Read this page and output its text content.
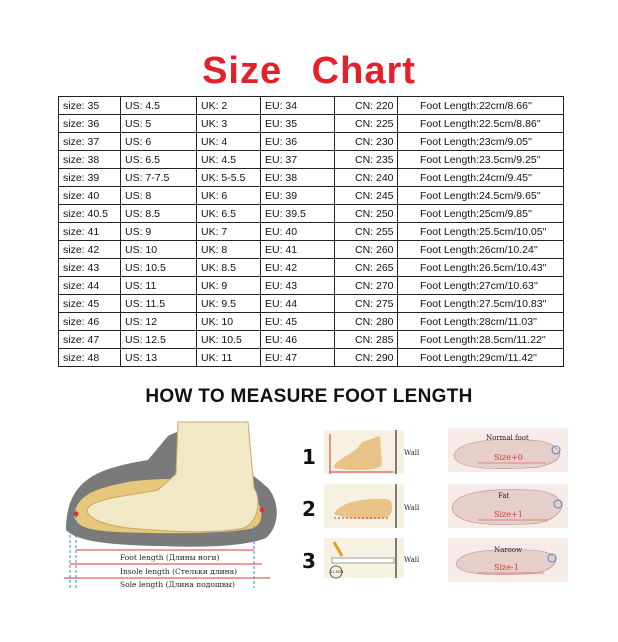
Size Chart
size: 35	US: 4.5	UK: 2	EU: 34	CN: 220	Foot Length:22cm/8.66''
size: 36	US: 5	UK: 3	EU: 35	CN: 225	Foot Length:22.5cm/8.86''
size: 37	US: 6	UK: 4	EU: 36	CN: 230	Foot Length:23cm/9.05''
size: 38	US: 6.5	UK: 4.5	EU: 37	CN: 235	Foot Length:23.5cm/9.25''
size: 39	US: 7-7.5	UK: 5-5.5	EU: 38	CN: 240	Foot Length:24cm/9.45''
size: 40	US: 8	UK: 6	EU: 39	CN: 245	Foot Length:24.5cm/9.65''
size: 40.5	US: 8.5	UK: 6.5	EU: 39.5	CN: 250	Foot Length:25cm/9.85''
size: 41	US: 9	UK: 7	EU: 40	CN: 255	Foot Length:25.5cm/10.05''
size: 42	US: 10	UK: 8	EU: 41	CN: 260	Foot Length:26cm/10.24''
size: 43	US: 10.5	UK: 8.5	EU: 42	CN: 265	Foot Length:26.5cm/10.43''
size: 44	US: 11	UK: 9	EU: 43	CN: 270	Foot Length:27cm/10.63''
size: 45	US: 11.5	UK: 9.5	EU: 44	CN: 275	Foot Length:27.5cm/10.83''
size: 46	US: 12	UK: 10	EU: 45	CN: 280	Foot Length:28cm/11.03''
size: 47	US: 12.5	UK: 10.5	EU: 46	CN: 285	Foot Length:28.5cm/11.22''
size: 48	US: 13	UK: 11	EU: 47	CN: 290	Foot Length:29cm/11.42''
HOW TO MEASURE FOOT LENGTH
Foot length (Длины ноги)
Insole length (Стельки длина)
Sole length (Длина подошвы)
1	Wall
2	Wall
3	11.5CM
Wall
Normal foot
Size+0
Fat
Size+1
Naroow
Size-1
